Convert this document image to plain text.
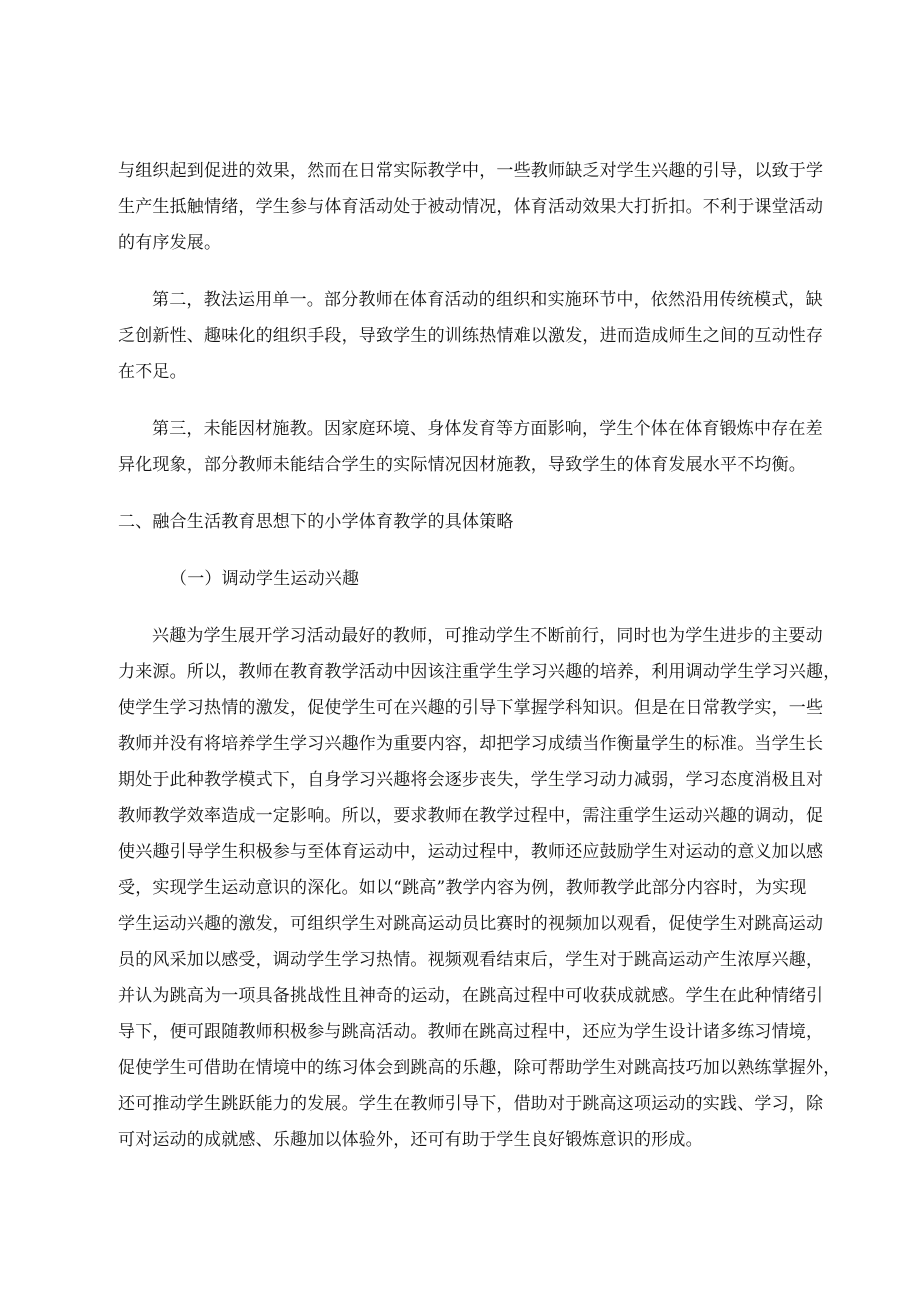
与组织起到促进的效果，然而在日常实际教学中，一些教师缺乏对学生兴趣的引导，以致于学
生产生抵触情绪，学生参与体育活动处于被动情况，体育活动效果大打折扣。不利于课堂活动
的有序发展。
第二，教法运用单一。部分教师在体育活动的组织和实施环节中，依然沿用传统模式，缺
乏创新性、趣味化的组织手段，导致学生的训练热情难以激发，进而造成师生之间的互动性存
在不足。
第三，未能因材施教。因家庭环境、身体发育等方面影响，学生个体在体育锻炼中存在差
异化现象，部分教师未能结合学生的实际情况因材施教，导致学生的体育发展水平不均衡。
二、融合生活教育思想下的小学体育教学的具体策略
（一）调动学生运动兴趣
兴趣为学生展开学习活动最好的教师，可推动学生不断前行，同时也为学生进步的主要动
力来源。所以，教师在教育教学活动中因该注重学生学习兴趣的培养，利用调动学生学习兴趣，
使学生学习热情的激发，促使学生可在兴趣的引导下掌握学科知识。但是在日常教学实，一些
教师并没有将培养学生学习兴趣作为重要内容，却把学习成绩当作衡量学生的标准。当学生长
期处于此种教学模式下，自身学习兴趣将会逐步丧失，学生学习动力减弱，学习态度消极且对
教师教学效率造成一定影响。所以，要求教师在教学过程中，需注重学生运动兴趣的调动，促
使兴趣引导学生积极参与至体育运动中，运动过程中，教师还应鼓励学生对运动的意义加以感
受，实现学生运动意识的深化。如以“跳高”教学内容为例，教师教学此部分内容时，为实现
学生运动兴趣的激发，可组织学生对跳高运动员比赛时的视频加以观看，促使学生对跳高运动
员的风采加以感受，调动学生学习热情。视频观看结束后，学生对于跳高运动产生浓厚兴趣，
并认为跳高为一项具备挑战性且神奇的运动，在跳高过程中可收获成就感。学生在此种情绪引
导下，便可跟随教师积极参与跳高活动。教师在跳高过程中，还应为学生设计诸多练习情境，
促使学生可借助在情境中的练习体会到跳高的乐趣，除可帮助学生对跳高技巧加以熟练掌握外，
还可推动学生跳跃能力的发展。学生在教师引导下，借助对于跳高这项运动的实践、学习，除
可对运动的成就感、乐趣加以体验外，还可有助于学生良好锻炼意识的形成。
